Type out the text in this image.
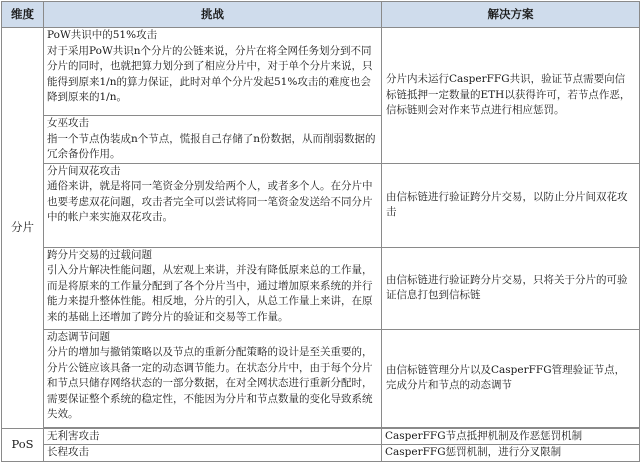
维度	挑战	解决方案
分片	PoW共识中的51%攻击
对于采用PoW共识n个分片的公链来说，分片在将全网任务划分到不同分片的同时，也就把算力划分到了相应分片中，对于单个分片来说，只能得到原来1/n的算力保证，此时对单个分片发起51%攻击的难度也会降到原来的1/n。	分片内未运行CasperFFG共识，验证节点需要向信标链抵押一定数量的ETH以获得许可，若节点作恶，信标链则会对作来节点进行相应惩罚。

	女巫攻击
指一个节点伪装成n个节点，慌报自己存储了n份数据，从而削弱数据的冗余备份作用。	

	分片间双花攻击
通俗来讲，就是将同一笔资金分别发给两个人，或者多个人。在分片中也要考虑双花问题，攻击者完全可以尝试将同一笔资金发送给不同分片中的帐户来实施双花攻击。	由信标链进行验证跨分片交易，以防止分片间双花攻击

	跨分片交易的过载问题
引入分片解决性能问题，从宏观上来讲，并没有降低原来总的工作量，而是将原来的工作量分配到了各个分片当中，通过增加原来系统的并行能力来提升整体性能。相反地，分片的引入，从总工作量上来讲，在原来的基础上还增加了跨分片的验证和交易等工作量。	由信标链进行验证跨分片交易，只将关于分片的可验证信息打包到信标链

	动态调节问题
分片的增加与撤销策略以及节点的重新分配策略的设计是至关重要的，分片公链应该具备一定的动态调节能力。在状态分片中，由于每个分片和节点只储存网络状态的一部分数据，在对全网状态进行重新分配时，需要保证整个系统的稳定性，不能因为分片和节点数量的变化导致系统失效。	由信标链管理分片以及CasperFFG管理验证节点，完成分片和节点的动态调节

PoS	无利害攻击	CasperFFG节点抵押机制及作恶惩罚机制

	长程攻击	CasperFFG惩罚机制，进行分叉限制
